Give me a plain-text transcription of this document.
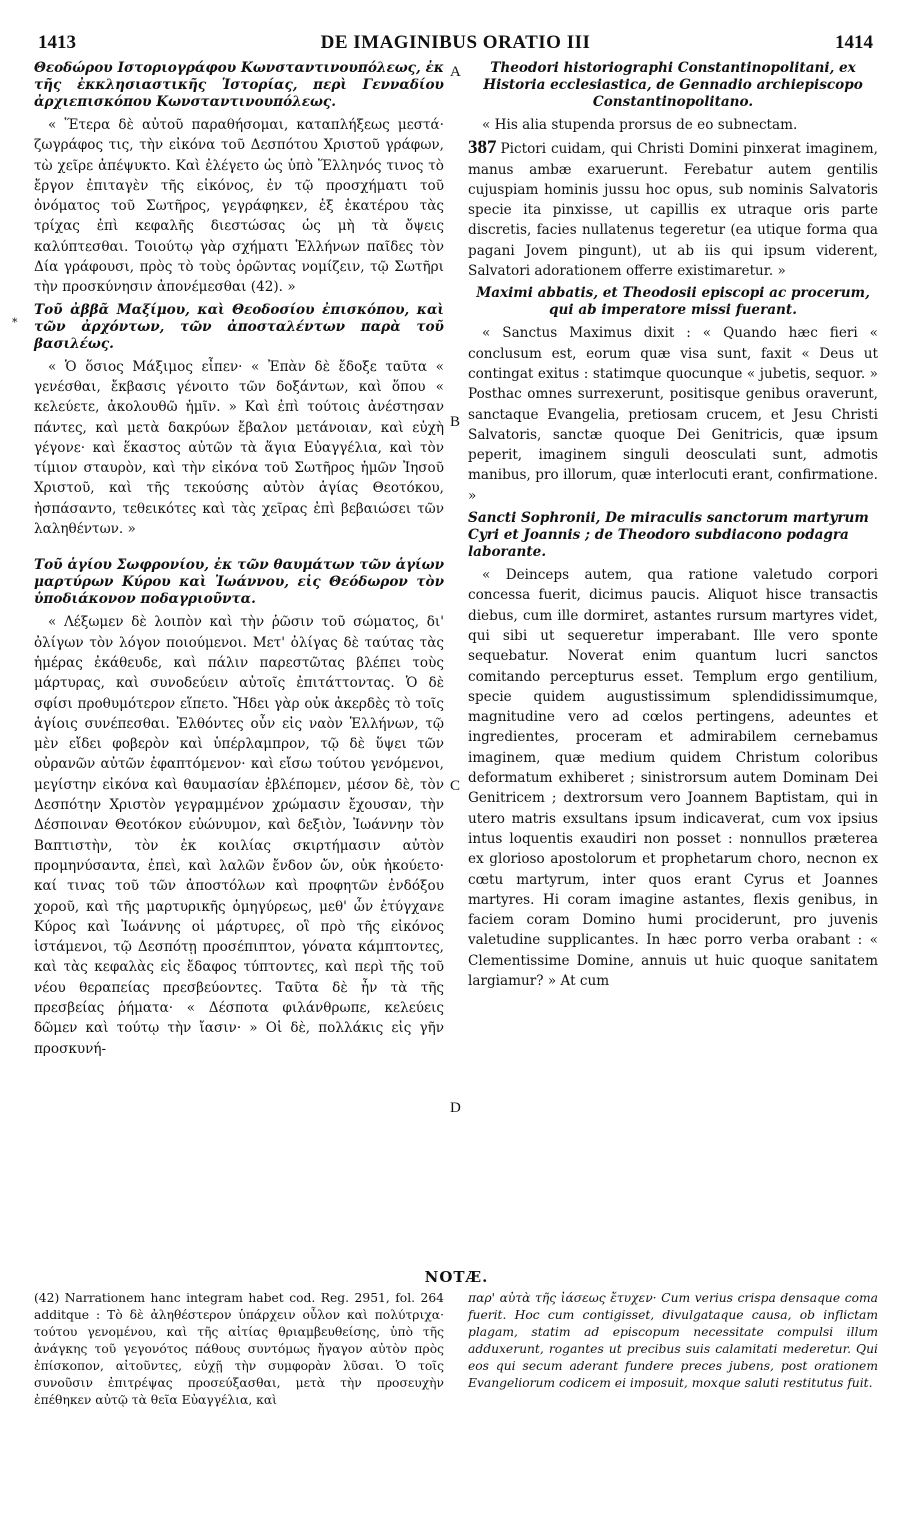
1413	DE IMAGINIBUS ORATIO III	1414
*
A
B
C
D

Θεοδώρου Ιστοριογράφου Κωνσταντινουπόλεως, ἐκ τῆς ἐκκλησιαστικῆς Ἱστορίας, περὶ Γενναδίου ἀρχιεπισκόπου Κωνσταντινουπόλεως.

« Ἕτερα δὲ αὐτοῦ παραθήσομαι, καταπλήξεως μεστά· ζωγράφος τις, τὴν εἰκόνα τοῦ Δεσπότου Χριστοῦ γράφων, τὼ χεῖρε ἀπέψυκτο. Καὶ ἐλέγετο ὡς ὑπὸ Ἕλληνός τινος τὸ ἔργον ἐπιταγὲν τῆς εἰκόνος, ἐν τῷ προσχήματι τοῦ ὀνόματος τοῦ Σωτῆρος, γεγράφηκεν, ἐξ ἑκατέρου τὰς τρίχας ἐπὶ κεφαλῆς διεστώσας ὡς μὴ τὰ ὄψεις καλύπτεσθαι. Τοιούτῳ γὰρ σχήματι Ἑλλήνων παῖδες τὸν Δία γράφουσι, πρὸς τὸ τοὺς ὁρῶντας νομίζειν, τῷ Σωτῆρι τὴν προσκύνησιν ἀπονέμεσθαι (42). »

Τοῦ ἀββᾶ Μαξίμου, καὶ Θεοδοσίου ἐπισκόπου, καὶ τῶν ἀρχόντων, τῶν ἀποσταλέντων παρὰ τοῦ βασιλέως.

« Ὁ ὅσιος Μάξιμος εἶπεν· « Ἐπὰν δὲ ἔδοξε ταῦτα « γενέσθαι, ἔκβασις γένοιτο τῶν δοξάντων, καὶ ὅπου « κελεύετε, ἀκολουθῶ ἡμῖν. » Καὶ ἐπὶ τούτοις ἀνέστησαν πάντες, καὶ μετὰ δακρύων ἔβαλον μετάνοιαν, καὶ εὐχὴ γέγονε· καὶ ἕκαστος αὐτῶν τὰ ἅγια Εὐαγγέλια, καὶ τὸν τίμιον σταυρὸν, καὶ τὴν εἰκόνα τοῦ Σωτῆρος ἡμῶν Ἰησοῦ Χριστοῦ, καὶ τῆς τεκούσης αὐτὸν ἁγίας Θεοτόκου, ἠσπάσαντο, τεθεικότες καὶ τὰς χεῖρας ἐπὶ βεβαιώσει τῶν λαληθέντων. »

Τοῦ ἁγίου Σωφρονίου, ἐκ τῶν θαυμάτων τῶν ἁγίων μαρτύρων Κύρου καὶ Ἰωάννου, εἰς Θεόδωρον τὸν ὑποδιάκονον ποδαγριοῦντα.

« Λέξωμεν δὲ λοιπὸν καὶ τὴν ῥῶσιν τοῦ σώματος, δι' ὀλίγων τὸν λόγον ποιούμενοι. Μετ' ὀλίγας δὲ ταύτας τὰς ἡμέρας ἐκάθευδε, καὶ πάλιν παρεστῶτας βλέπει τοὺς μάρτυρας, καὶ συνοδεύειν αὐτοῖς ἐπιτάττοντας. Ὁ δὲ σφίσι προθυμότερον εἵπετο. Ἤδει γὰρ οὐκ ἀκερδὲς τὸ τοῖς ἁγίοις συνέπεσθαι. Ἐλθόντες οὖν εἰς ναὸν Ἑλλήνων, τῷ μὲν εἴδει φοβερὸν καὶ ὑπέρλαμπρον, τῷ δὲ ὕψει τῶν οὐρανῶν αὐτῶν ἐφαπτόμενον· καὶ εἴσω τούτου γενόμενοι, μεγίστην εἰκόνα καὶ θαυμασίαν ἐβλέπομεν, μέσον δὲ, τὸν Δεσπότην Χριστὸν γεγραμμένον χρώμασιν ἔχουσαν, τὴν Δέσποιναν Θεοτόκον εὐώνυμον, καὶ δεξιὸν, Ἰωάννην τὸν Βαπτιστὴν, τὸν ἐκ κοιλίας σκιρτήμασιν αὐτὸν προμηνύσαντα, ἐπεὶ, καὶ λαλῶν ἔνδον ὤν, οὐκ ἠκούετο· καί τινας τοῦ τῶν ἀποστόλων καὶ προφητῶν ἐνδόξου χοροῦ, καὶ τῆς μαρτυρικῆς ὁμηγύρεως, μεθ' ὧν ἐτύγχανε Κύρος καὶ Ἰωάννης οἱ μάρτυρες, οἳ πρὸ τῆς εἰκόνος ἱστάμενοι, τῷ Δεσπότῃ προσέπιπτον, γόνατα κάμπτοντες, καὶ τὰς κεφαλὰς εἰς ἔδαφος τύπτοντες, καὶ περὶ τῆς τοῦ νέου θεραπείας πρεσβεύοντες. Ταῦτα δὲ ἦν τὰ τῆς πρεσβείας ῥήματα· « Δέσποτα φιλάνθρωπε, κελεύεις δῶμεν καὶ τούτῳ τὴν ἴασιν· » Οἱ δὲ, πολλάκις εἰς γῆν προσκυνή-

Theodori historiographi Constantinopolitani, ex Historia ecclesiastica, de Gennadio archiepiscopo Constantinopolitano.

« His alia stupenda prorsus de eo subnectam.

387 Pictori cuidam, qui Christi Domini pinxerat imaginem, manus ambæ exaruerunt. Ferebatur autem gentilis cujuspiam hominis jussu hoc opus, sub nominis Salvatoris specie ita pinxisse, ut capillis ex utraque oris parte discretis, facies nullatenus tegeretur (ea utique forma qua pagani Jovem pingunt), ut ab iis qui ipsum viderent, Salvatori adorationem offerre existimaretur. »

Maximi abbatis, et Theodosii episcopi ac procerum, qui ab imperatore missi fuerant.

« Sanctus Maximus dixit : « Quando hæc fieri « conclusum est, eorum quæ visa sunt, faxit « Deus ut contingat exitus : statimque quocunque « jubetis, sequor. » Posthac omnes surrexerunt, positisque genibus oraverunt, sanctaque Evangelia, pretiosam crucem, et Jesu Christi Salvatoris, sanctæ quoque Dei Genitricis, quæ ipsum peperit, imaginem singuli deosculati sunt, admotis manibus, pro illorum, quæ interlocuti erant, confirmatione. »

Sancti Sophronii, De miraculis sanctorum martyrum Cyri et Joannis ; de Theodoro subdiacono podagra laborante.

« Deinceps autem, qua ratione valetudo corpori concessa fuerit, dicimus paucis. Aliquot hisce transactis diebus, cum ille dormiret, astantes rursum martyres videt, qui sibi ut sequeretur imperabant. Ille vero sponte sequebatur. Noverat enim quantum lucri sanctos comitando percepturus esset. Templum ergo gentilium, specie quidem augustissimum splendidissimumque, magnitudine vero ad cœlos pertingens, adeuntes et ingredientes, proceram et admirabilem cernebamus imaginem, quæ medium quidem Christum coloribus deformatum exhiberet ; sinistrorsum autem Dominam Dei Genitricem ; dextrorsum vero Joannem Baptistam, qui in utero matris exsultans ipsum indicaverat, cum vox ipsius intus loquentis exaudiri non posset : nonnullos præterea ex glorioso apostolorum et prophetarum choro, necnon ex cœtu martyrum, inter quos erant Cyrus et Joannes martyres. Hi coram imagine astantes, flexis genibus, in faciem coram Domino humi prociderunt, pro juvenis valetudine supplicantes. In hæc porro verba orabant : « Clementissime Domine, annuis ut huic quoque sanitatem largiamur? » At cum

NOTÆ.

(42) Narrationem hanc integram habet cod. Reg. 2951, fol. 264 additque : Τὸ δὲ ἀληθέστερον ὑπάρχειν οὖλον καὶ πολύτριχα· τούτου γενομένου, καὶ τῆς αἰτίας θριαμβευθείσης, ὑπὸ τῆς ἀνάγκης τοῦ γεγονότος πάθους συντόμως ἤγαγον αὐτὸν πρὸς ἐπίσκοπον, αἰτοῦντες, εὐχῇ τὴν συμφορὰν λῦσαι. Ὁ τοῖς συνοῦσιν ἐπιτρέψας προσεύξασθαι, μετὰ τὴν προσευχὴν ἐπέθηκεν αὐτῷ τὰ θεῖα Εὐαγγέλια, καὶ

παρ' αὐτὰ τῆς ἰάσεως ἔτυχεν· Cum verius crispa densaque coma fuerit. Hoc cum contigisset, divulgataque causa, ob inflictam plagam, statim ad episcopum necessitate compulsi illum adduxerunt, rogantes ut precibus suis calamitati mederetur. Qui eos qui secum aderant fundere preces jubens, post orationem Evangeliorum codicem ei imposuit, moxque saluti restitutus fuit.
